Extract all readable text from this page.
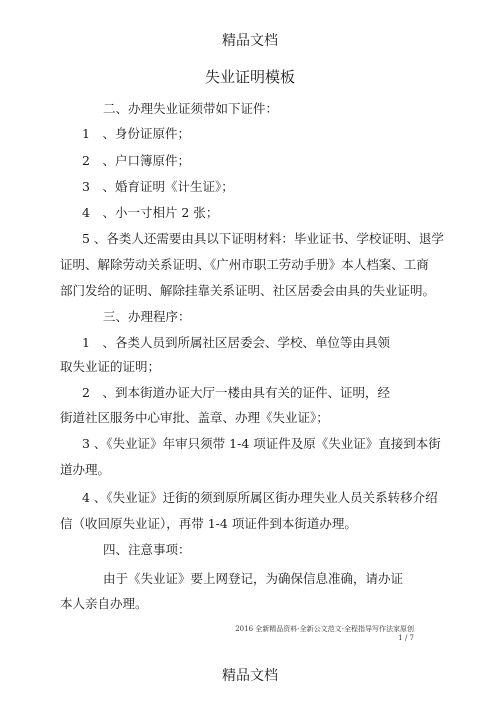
精品文档
失业证明模板
二、办理失业证须带如下证件：
1　、身份证原件；
2　、户口簿原件；
3　、婚育证明《计生证》；
4　、小一寸相片 2 张；
5 、各类人还需要由具以下证明材料：毕业证书、学校证明、退学
证明、解除劳动关系证明、《广州市职工劳动手册》本人档案、工商
部门发给的证明、解除挂靠关系证明、社区居委会由具的失业证明。
三、办理程序：
1　、各类人员到所属社区居委会、学校、单位等由具领
取失业证的证明；
2　、到本街道办证大厅一楼由具有关的证件、证明，经
街道社区服务中心审批、盖章、办理《失业证》；
3 、《失业证》年审只须带 1-4 项证件及原《失业证》直接到本街
道办理。
4 、《失业证》迁街的须到原所属区街办理失业人员关系转移介绍
信（收回原失业证），再带 1-4 项证件到本街道办理。
四、注意事项：
由于《失业证》要上网登记，为确保信息准确，请办证
本人亲自办理。
2016 全新精品资料-全新公文范文-全程指导写作法家原创
1 / 7
精品文档
